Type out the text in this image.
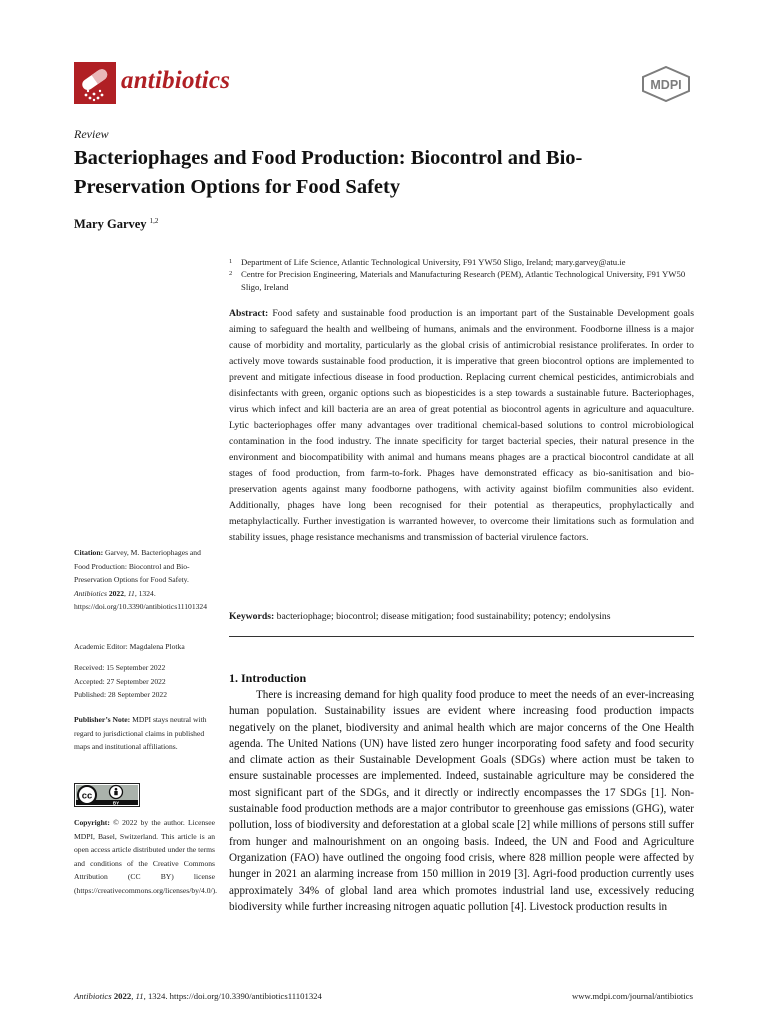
antibiotics	MDPI
Review
Bacteriophages and Food Production: Biocontrol and Bio-Preservation Options for Food Safety
Mary Garvey $^{1,2}$
1 Department of Life Science, Atlantic Technological University, F91 YW50 Sligo, Ireland; mary.garvey@atu.ie
2 Centre for Precision Engineering, Materials and Manufacturing Research (PEM), Atlantic Technological University, F91 YW50 Sligo, Ireland
Abstract: Food safety and sustainable food production is an important part of the Sustainable Development goals aiming to safeguard the health and wellbeing of humans, animals and the environment. Foodborne illness is a major cause of morbidity and mortality, particularly as the global crisis of antimicrobial resistance proliferates. In order to actively move towards sustainable food production, it is imperative that green biocontrol options are implemented to prevent and mitigate infectious disease in food production. Replacing current chemical pesticides, antimicrobials and disinfectants with green, organic options such as biopesticides is a step towards a sustainable future. Bacteriophages, virus which infect and kill bacteria are an area of great potential as biocontrol agents in agriculture and aquaculture. Lytic bacteriophages offer many advantages over traditional chemical-based solutions to control microbiological contamination in the food industry. The innate specificity for target bacterial species, their natural presence in the environment and biocompatibility with animal and humans means phages are a practical biocontrol candidate at all stages of food production, from farm-to-fork. Phages have demonstrated efficacy as bio-sanitisation and bio-preservation agents against many foodborne pathogens, with activity against biofilm communities also evident. Additionally, phages have long been recognised for their potential as therapeutics, prophylactically and metaphylactically. Further investigation is warranted however, to overcome their limitations such as formulation and stability issues, phage resistance mechanisms and transmission of bacterial virulence factors.
Keywords: bacteriophage; biocontrol; disease mitigation; food sustainability; potency; endolysins
Citation: Garvey, M. Bacteriophages and Food Production: Biocontrol and Bio-Preservation Options for Food Safety. Antibiotics 2022, 11, 1324. https://doi.org/10.3390/antibiotics11101324
Academic Editor: Magdalena Plotka
Received: 15 September 2022
Accepted: 27 September 2022
Published: 28 September 2022
Publisher’s Note: MDPI stays neutral with regard to jurisdictional claims in published maps and institutional affiliations.
cc
BY
Copyright: © 2022 by the author. Licensee MDPI, Basel, Switzerland. This article is an open access article distributed under the terms and conditions of the Creative Commons Attribution (CC BY) license (https://creativecommons.org/licenses/by/4.0/).
1. Introduction
There is increasing demand for high quality food produce to meet the needs of an ever-increasing human population. Sustainability issues are evident where increasing food production impacts negatively on the planet, biodiversity and animal health which are major concerns of the One Health agenda. The United Nations (UN) have listed zero hunger incorporating food safety and food security and climate action as their Sustainable Development Goals (SDGs) where action must be taken to ensure sustainable processes are implemented. Indeed, sustainable agriculture may be considered the most significant part of the SDGs, and it directly or indirectly encompasses the 17 SDGs [1]. Non-sustainable food production methods are a major contributor to greenhouse gas emissions (GHG), water pollution, loss of biodiversity and deforestation at a global scale [2] while millions of persons still suffer from hunger and malnourishment on an ongoing basis. Indeed, the UN and Food and Agriculture Organization (FAO) have outlined the ongoing food crisis, where 828 million people were affected by hunger in 2021 an alarming increase from 150 million in 2019 [3]. Agri-food production currently uses approximately 34% of global land area which promotes industrial land use, excessively reducing biodiversity while further increasing nitrogen aquatic pollution [4]. Livestock production results in
Antibiotics 2022, 11, 1324. https://doi.org/10.3390/antibiotics11101324	www.mdpi.com/journal/antibiotics
